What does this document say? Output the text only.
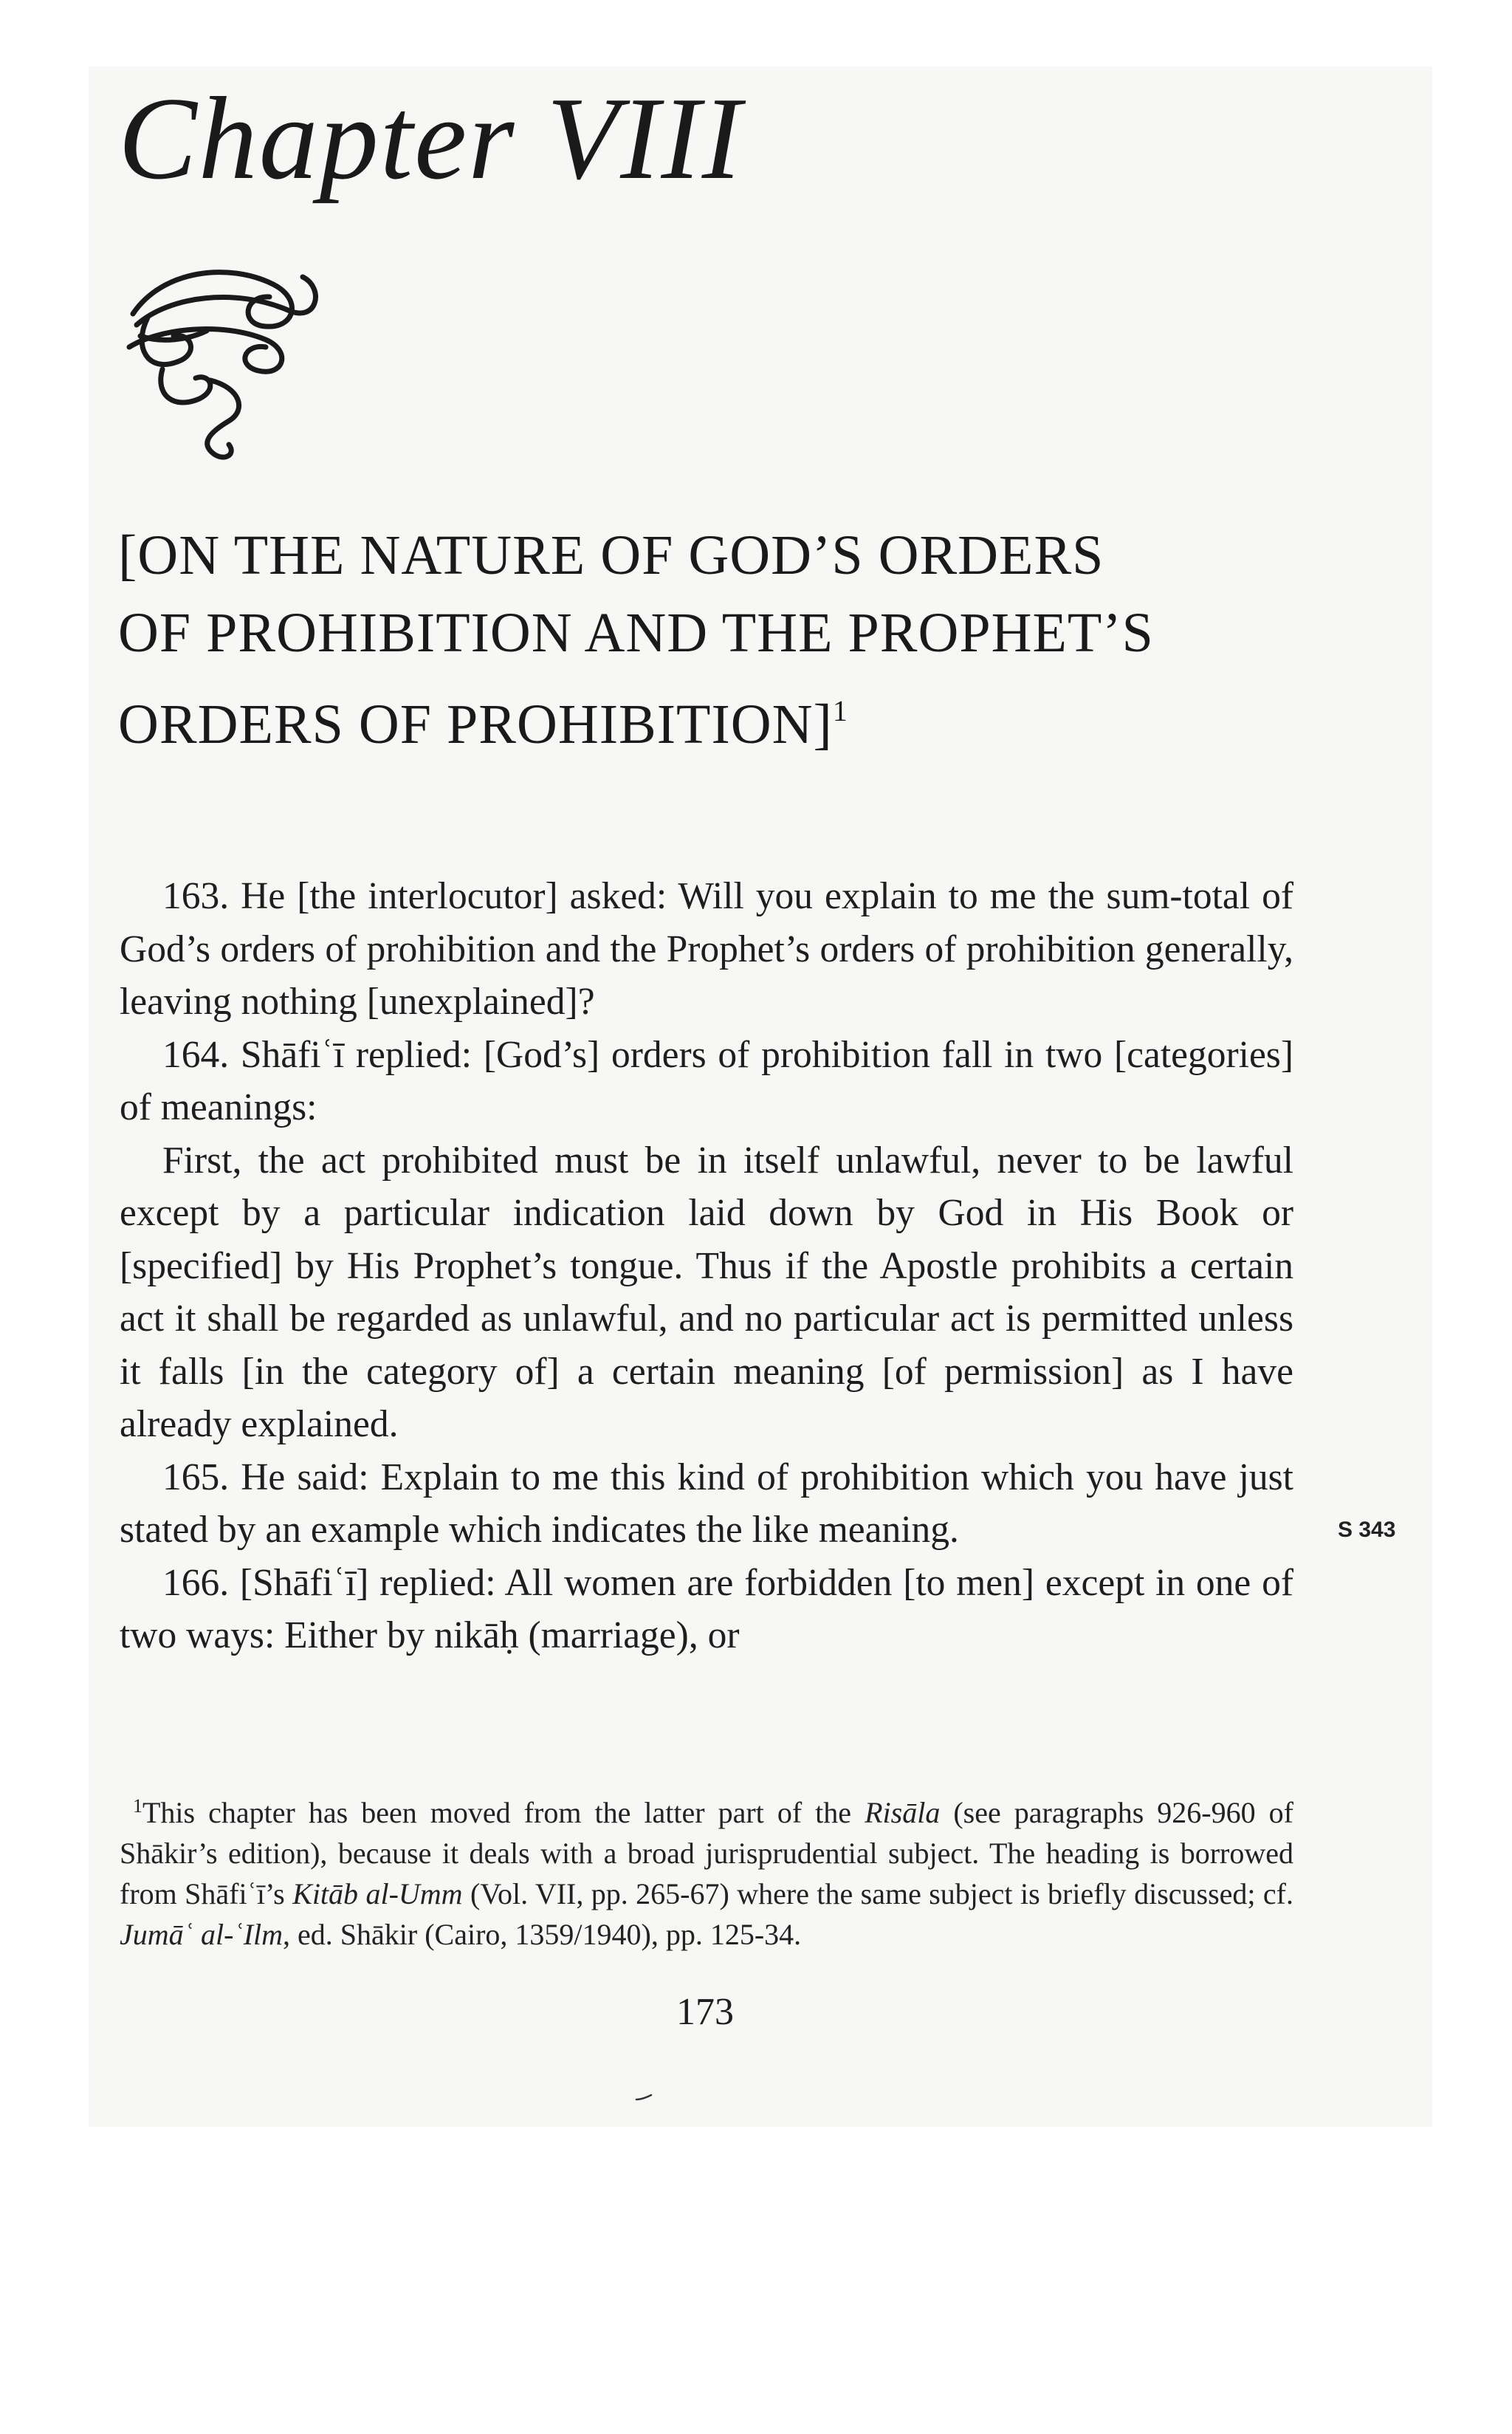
Chapter VIII
[ON THE NATURE OF GOD’S ORDERS
OF PROHIBITION AND THE PROPHET’S
ORDERS OF PROHIBITION]$^1$

163. He [the interlocutor] asked: Will you explain to me the sum-total of God’s orders of prohibition and the Prophet’s orders of prohibition generally, leaving nothing [unexplained]?

164. Shāfiʿī replied: [God’s] orders of prohibition fall in two [categories] of meanings:

First, the act prohibited must be in itself unlawful, never to be lawful except by a particular indication laid down by God in His Book or [specified] by His Prophet’s tongue. Thus if the Apostle prohibits a certain act it shall be regarded as unlawful, and no particular act is permitted unless it falls [in the category of] a certain meaning [of permission] as I have already explained.

165. He said: Explain to me this kind of prohibition which you have just stated by an example which indicates the like meaning.

166. [Shāfiʿī] replied: All women are forbidden [to men] except in one of two ways: Either by nikāḥ (marriage), or

S 343

$^1$This chapter has been moved from the latter part of the Risāla (see paragraphs 926-960 of Shākir’s edition), because it deals with a broad jurisprudential subject. The heading is borrowed from Shāfiʿī’s Kitāb al-Umm (Vol. VII, pp. 265-67) where the same subject is briefly discussed; cf. Jumāʿ al-ʿIlm, ed. Shākir (Cairo, 1359/1940), pp. 125-34.

173
